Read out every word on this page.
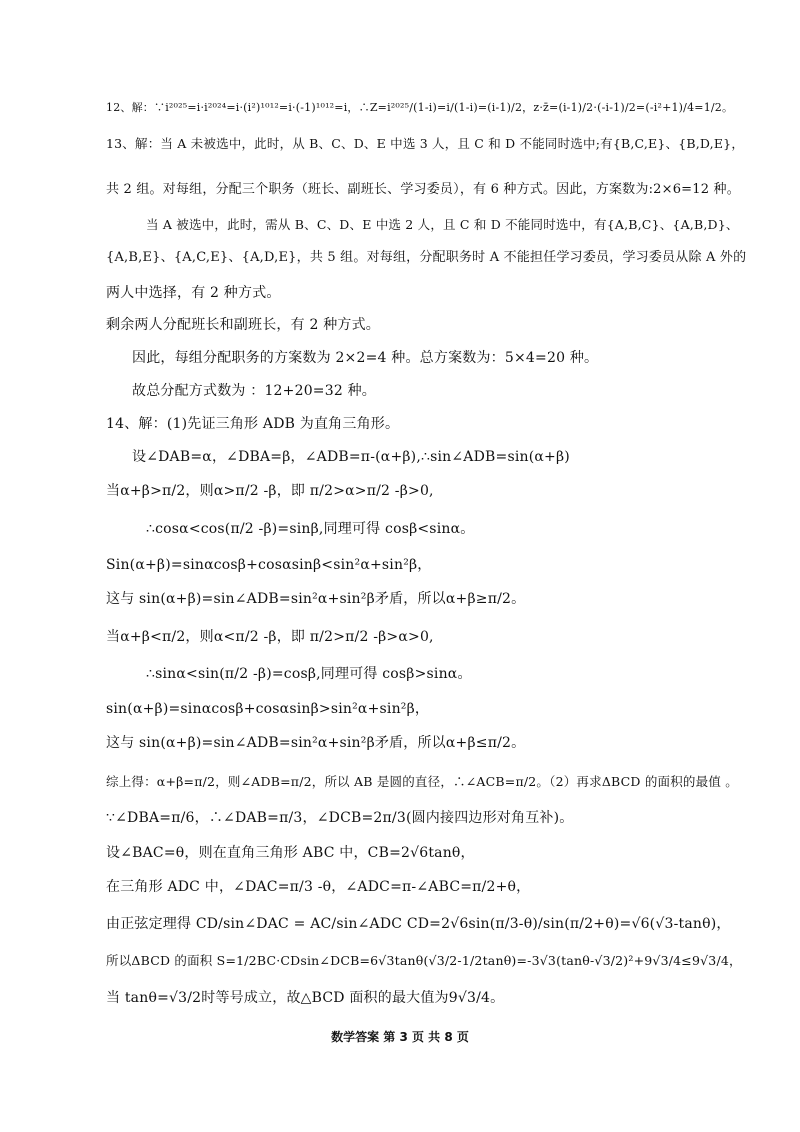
12、解：∵i²⁰²⁵=i·i²⁰²⁴=i·(i²)¹⁰¹²=i·(-1)¹⁰¹²=i，∴Z=i²⁰²⁵/(1-i)=i/(1-i)=(i-1)/2，z·z̄=(i-1)/2·(-i-1)/2=(-i²+1)/4=1/2。
13、解：当 A 未被选中，此时，从 B、C、D、E 中选 3 人，且 C 和 D 不能同时选中;有{B,C,E}、{B,D,E}，
共 2 组。对每组，分配三个职务（班长、副班长、学习委员），有 6 种方式。因此，方案数为:2×6=12 种。
当 A 被选中，此时，需从 B、C、D、E 中选 2 人，且 C 和 D 不能同时选中，有{A,B,C}、{A,B,D}、
{A,B,E}、{A,C,E}、{A,D,E}，共 5 组。对每组，分配职务时 A 不能担任学习委员，学习委员从除 A 外的
两人中选择，有 2 种方式。
剩余两人分配班长和副班长，有 2 种方式。
因此，每组分配职务的方案数为 2×2=4 种。总方案数为：5×4=20 种。
故总分配方式数为 ：12+20=32 种。
14、解：(1)先证三角形 ADB 为直角三角形。
设∠DAB=α，∠DBA=β，∠ADB=π-(α+β),∴sin∠ADB=sin(α+β)
当α+β>π/2，则α>π/2 -β，即 π/2>α>π/2 -β>0,
∴cosα<cos(π/2 -β)=sinβ,同理可得 cosβ<sinα。
Sin(α+β)=sinαcosβ+cosαsinβ<sin²α+sin²β，
这与 sin(α+β)=sin∠ADB=sin²α+sin²β矛盾，所以α+β≥π/2。
当α+β<π/2，则α<π/2 -β，即 π/2>π/2 -β>α>0,
∴sinα<sin(π/2 -β)=cosβ,同理可得 cosβ>sinα。
sin(α+β)=sinαcosβ+cosαsinβ>sin²α+sin²β，
这与 sin(α+β)=sin∠ADB=sin²α+sin²β矛盾，所以α+β≤π/2。
综上得：α+β=π/2，则∠ADB=π/2，所以 AB 是圆的直径，∴∠ACB=π/2。（2）再求ΔBCD 的面积的最值 。
∵∠DBA=π/6，∴∠DAB=π/3，∠DCB=2π/3(圆内接四边形对角互补)。
设∠BAC=θ，则在直角三角形 ABC 中，CB=2√6tanθ，
在三角形 ADC 中，∠DAC=π/3 -θ，∠ADC=π-∠ABC=π/2+θ，
由正弦定理得 CD/sin∠DAC = AC/sin∠ADC CD=2√6sin(π/3-θ)/sin(π/2+θ)=√6(√3-tanθ)，
所以ΔBCD 的面积 S=1/2BC·CDsin∠DCB=6√3tanθ(√3/2-1/2tanθ)=-3√3(tanθ-√3/2)²+9√3/4≤9√3/4，
当 tanθ=√3/2时等号成立，故△BCD 面积的最大值为9√3/4。
数学答案 第 3 页 共 8 页
